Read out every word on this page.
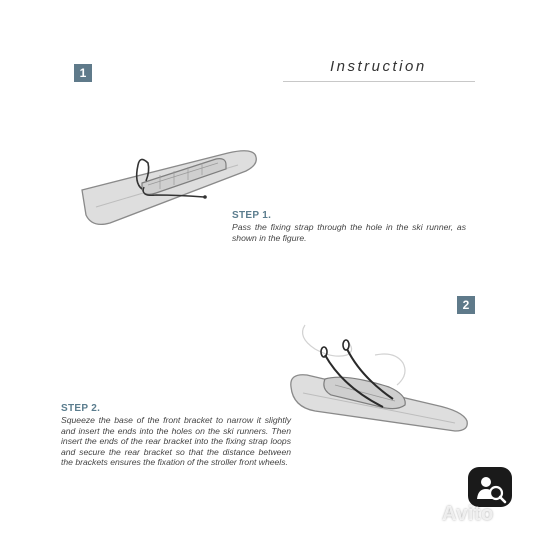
1	Instruction
STEP 1.
Pass the fixing strap through the hole in the ski runner, as shown in the figure.
2
STEP 2.
Squeeze the base of the front bracket to narrow it slightly and insert the ends into the holes on the ski runners. Then insert the ends of the rear bracket into the fixing strap loops and secure the rear bracket so that the distance between the brackets ensures the fixation of the stroller front wheels.
Avito
